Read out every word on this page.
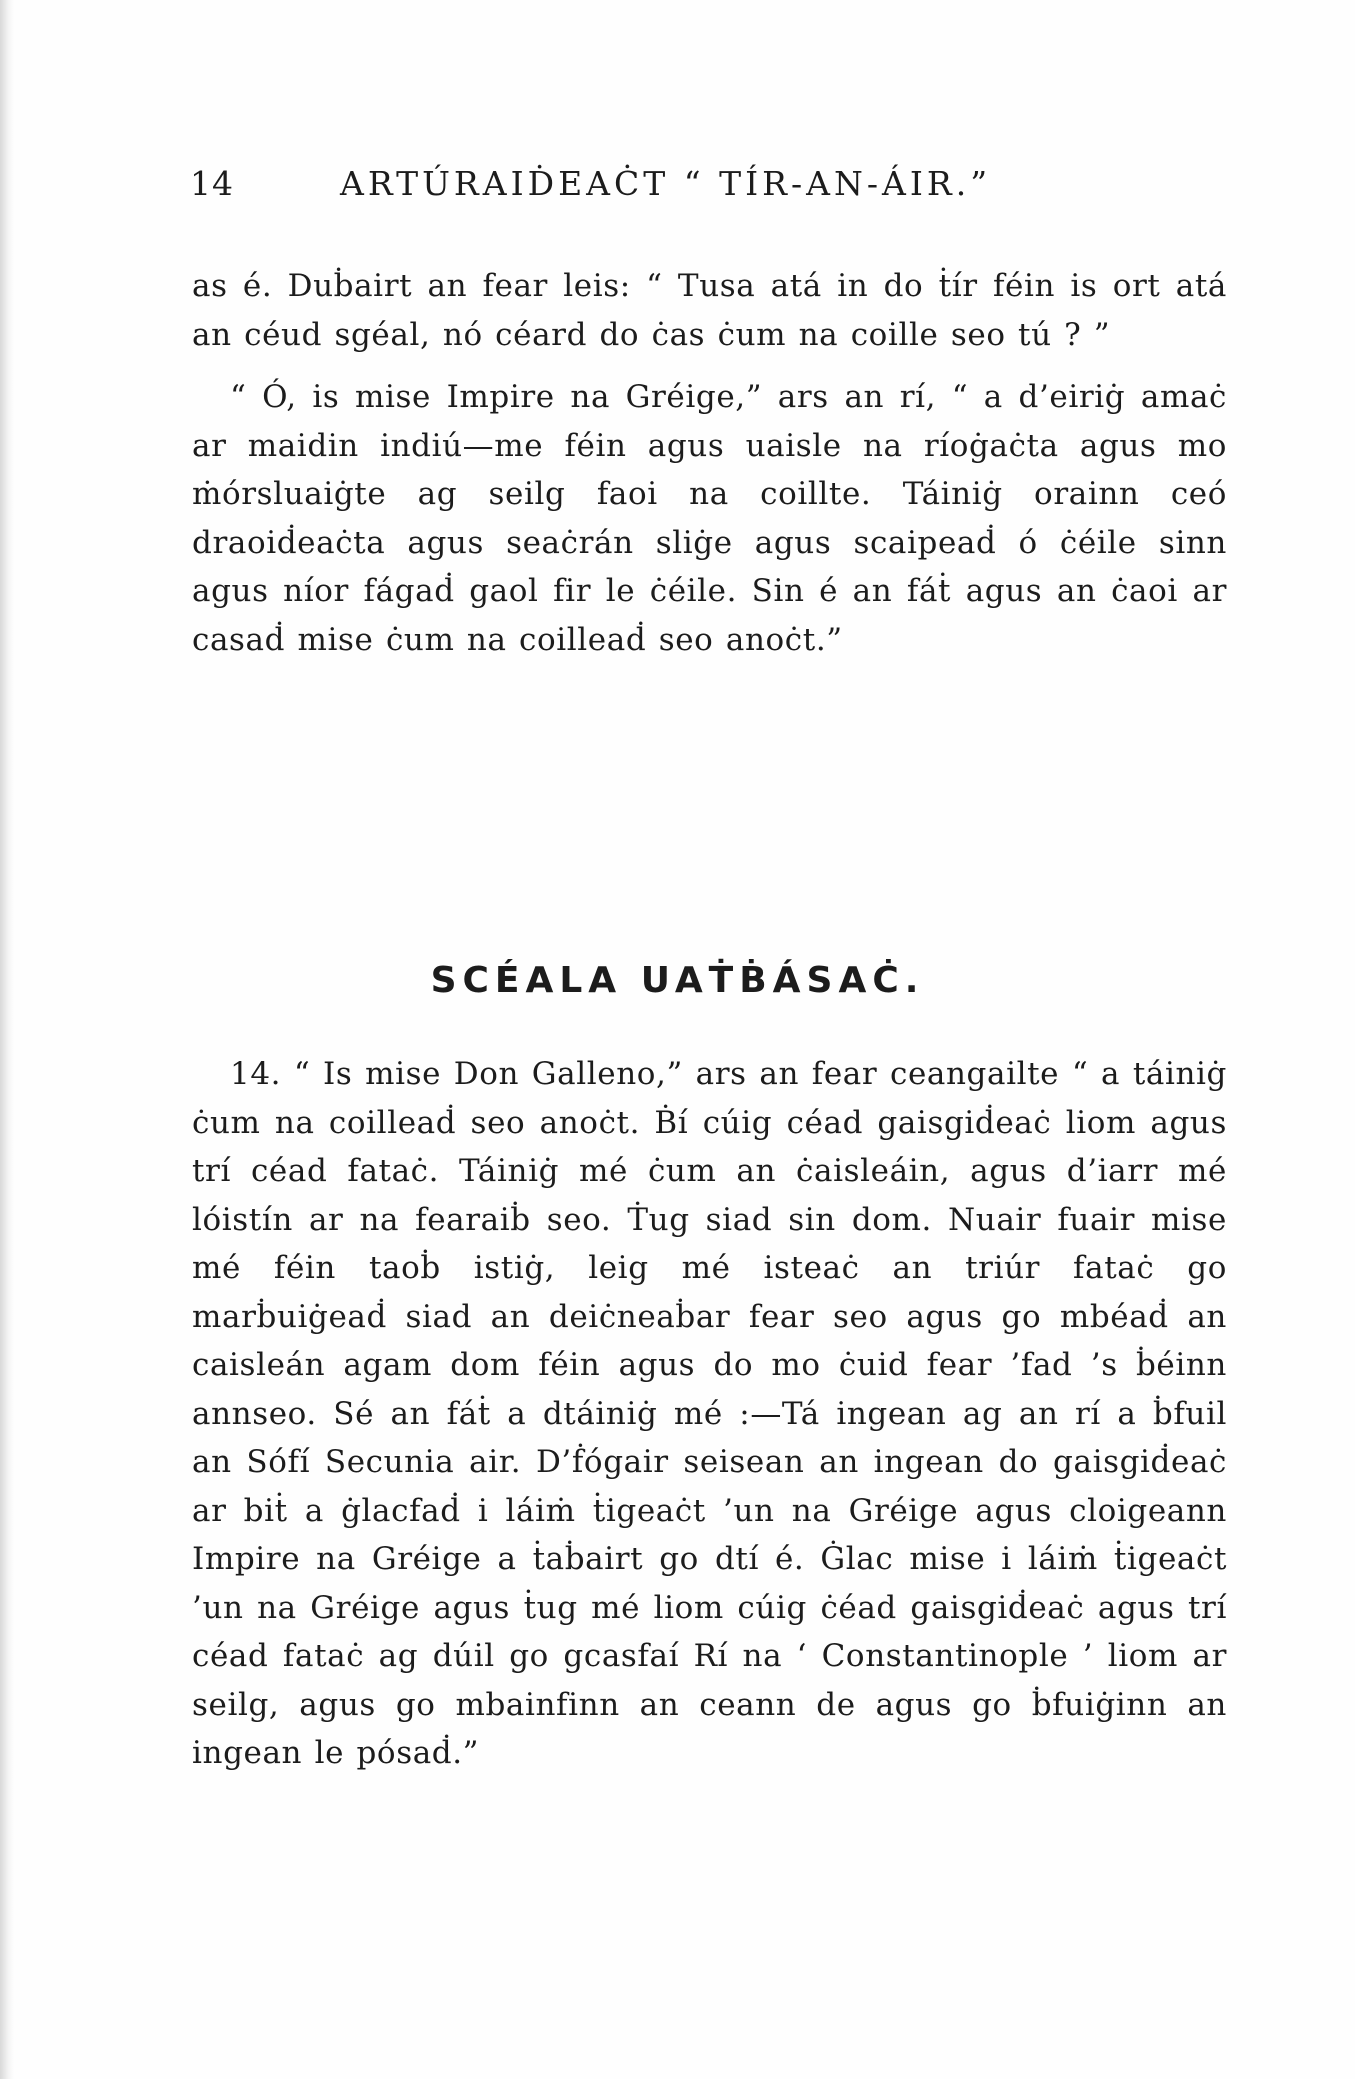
14	ARTÚRAIḊEAĊT “ TÍR-AN-ÁIR.”

as é. Duḃairt an fear leis: “ Tusa atá in do ṫír féin is ort atá an céud sgéal, nó céard do ċas ċum na coille seo tú ? ”

“ Ó, is mise Impire na Gréige,” ars an rí, “ a d’eiriġ amaċ ar maidin indiú—me féin agus uaisle na ríoġaċta agus mo ṁórsluaiġte ag seilg faoi na coillte. Táiniġ orainn ceó draoiḋeaċta agus seaċrán sliġe agus scaipeaḋ ó ċéile sinn agus níor fágaḋ gaol fir le ċéile. Sin é an fáṫ agus an ċaoi ar casaḋ mise ċum na coilleaḋ seo anoċt.”

SCÉALA UAṪḂÁSAĊ.

14. “ Is mise Don Galleno,” ars an fear ceangailte “ a táiniġ ċum na coilleaḋ seo anoċt. Ḃí cúig céad gaisgiḋeaċ liom agus trí céad fataċ. Táiniġ mé ċum an ċaisleáin, agus d’iarr mé lóistín ar na fearaiḃ seo. Ṫug siad sin dom. Nuair fuair mise mé féin taoḃ istiġ, leig mé isteaċ an triúr fataċ go marḃuiġeaḋ siad an deiċneaḃar fear seo agus go mbéaḋ an caisleán agam dom féin agus do mo ċuid fear ’fad ’s ḃéinn annseo. Sé an fáṫ a dtáiniġ mé :—Tá ingean ag an rí a ḃfuil an Sófí Secunia air. D’ḟógair seisean an ingean do gaisgiḋeaċ ar biṫ a ġlacfaḋ i láiṁ ṫigeaċt ’un na Gréige agus cloigeann Impire na Gréige a ṫaḃairt go dtí é. Ġlac mise i láiṁ ṫigeaċt ’un na Gréige agus ṫug mé liom cúig ċéad gaisgiḋeaċ agus trí céad fataċ ag dúil go gcasfaí Rí na ‘ Constantinople ’ liom ar seilg, agus go mbainfinn an ceann de agus go ḃfuiġinn an ingean le pósaḋ.”
